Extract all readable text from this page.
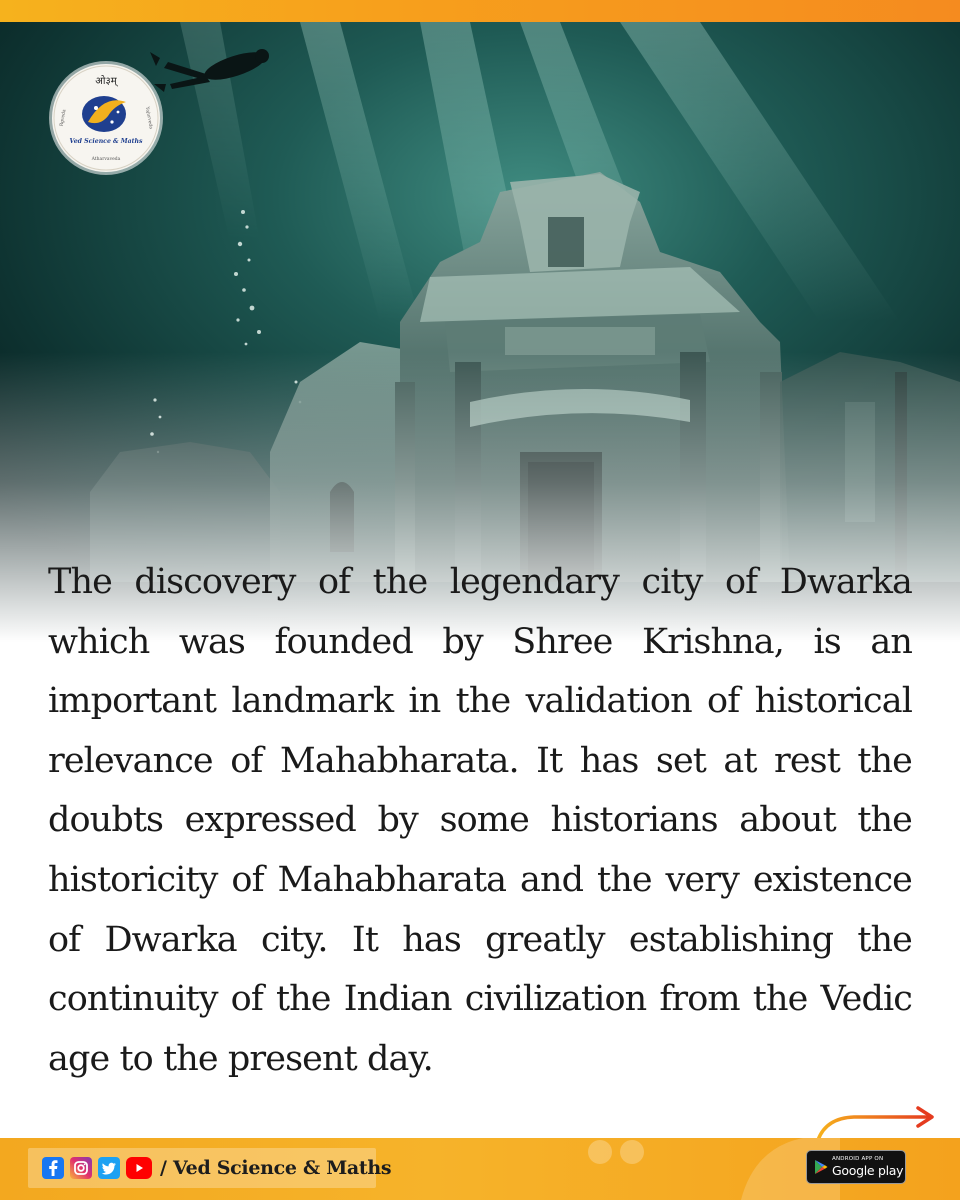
ओ३म्
Ved Science & Maths
Rgveda	Yajurveda
Atharvaveda

The discovery of the legendary city of Dwarka which was founded by Shree Krishna, is an important landmark in the validation of historical relevance of Mahabharata. It has set at rest the doubts expressed by some historians about the historicity of Mahabharata and the very existence of Dwarka city. It has greatly establishing the continuity of the Indian civilization from the Vedic age to the present day.

/ Ved Science & Maths	ANDROID APP ON
Google play
